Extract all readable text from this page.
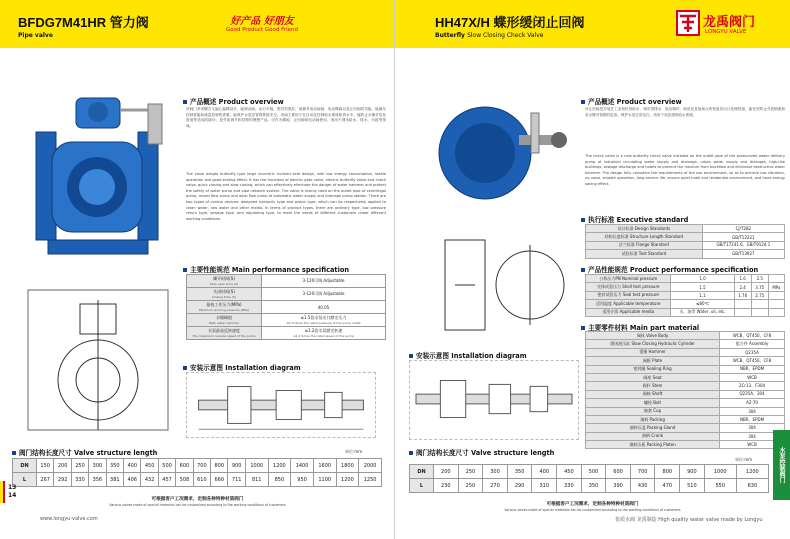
BFDG7M41HR 管力阀
Pipe valve
好产品 好朋友
Good Product Good Friend
产品概述 Product overview
该阀门采用螺式叉偏心偏蝶设计，能制动阀、运行平稳、密封效果好，他兼具电动阀阀、电动蝶阀以及止回阀的功能，能满足控制智能和流量控制的需要。能保护水泵及管网系统安全。该阀主要用于在自动化控制给水系统和供水中，能防止水锤对泵及管道等造成的破坏，是介质调节和控制的理想产品。可作为蝶阀、止回阀和电动阀使用，适用于城市给水、排水、市政等领域。
The valve adopts butterfly type large eccentric inclined seat design, with low energy consumption, stable operation and good sealing effect. It has the functions of electric gate valve, electric butterfly valve and check valve, quick closing and slow closing, which can effectively eliminate the danger of water hammer and protect the safety of water pump and pipe network system. The valve is mainly used on the outlet pipe of centrifugal pump, mixed flow pump and axial flow pump of automatic water supply and drainage pump station. There are two types of control devices: designed hydraulic type and piston type, which can be respectively applied to clean water, raw water and other media. In terms of product types, there are ordinary type, low pressure return type, sewage type, and regulating type, to meet the needs of different customers under different working conditions.
主要性能规范 Main performance specification
蝶开时间(S)
Slow open time (S)	3-120可调 Adjustable
关闭时间(S)
Closing time (S)	3-120可调 Adjustable
最低工作压力(MPa)
Minimum working pressure (MPa)	40.05
水锤峰值
Peak water hammer	≤1.5倍水泵出口额定压力
≤1.5 times the rated pressure of the pump outlet

水泵最高反转速度
The maximum reverse speed of the pump	≤1.2倍水泵额定转速
≤1.2 times the rated speed of the pump
安装示意图 Installation diagram
阀门结构长度尺寸 Valve structure length	单位:mm
DN	150	200	250	300	350	400	450	500	600	700	800	900	1000	1200	1400	1600	1800	2000
L	267	292	330	356	381	406	432	457	508	610	660	711	811	850	950	1100	1200	1250
可根据客户工况需求，定制各种特种材质阀门
Various valves made of special materials can be customized according to the working conditions of customers
13
14
www.longyu-valve.com
HH47X/H 蝶形缓闭止回阀
Butterfly Slow Closing Check Valve
龙禹阀门
LONGYU VALVE
产品概述 Product overview
该止回阀是安装在工业和民用给水、城市供排水、电站循环、船用及其他场合的管道泵出口处理管道，能有效防止介质倒流和泵水锤对管路的危害。保护水泵正常运行。适用于高层建筑给水系统。
The check valve is a new butterfly check valve installed on the outlet pipe of the pressurized water delivery pump of industrial circulating water supply and drainage, urban water supply and drainage, high-rise buildings, sewage discharge and hotels to prevent the medium from backflow and eliminate destructive water hammer. The design fully considers the requirements of the use environment, so as to achieve low vibration, no noise, smooth operation, long service life, ensure quiet hotel and residential environment, and have energy saving effect.
执行标准 Executive standard
设计标准 Design Standards	CJ/T282
结构长度标准 Structure Length Standard	GB/T12221
法兰标准 Flange Standard	GB/T17241.6、GB/T9124.1
试验标准 Test Standard	GB/T13927
产品性能规范 Product performance specification
公称压力PN Nominal pressure	1.0	1.6	2.5	
壳体试验压力 Shell test pressure	1.5	2.4	3.75	MPa
密封试验压力 Seal test pressure	1.1	1.76	2.75	
适用温度 Applicable temperature	≤80℃			
适用介质 Applicable media	水，油等 Water, oil, etc.			
主要零件材料 Main part material
阀体 Valve Body	WCB、QT450、CF8
缓闭液压缸 Slow Closing Hydraulic Cylinder	组合件 Assembly
重锤 Hammer	Q235A
阀板 Plate	WCB、QT450、CF8
密封圈 Sealing Ring	NBR、EPDM
阀座 Seat	WCB
阀杆 Stem	2Cr13、F304
阀轴 Shaft	Q235A、304
螺栓 Bolt	A2-70
轴套 Cup	304
填料 Packing	NBR、EPDM
填料压盖 Packing Gland	304
曲柄 Crank	304
填料压板 Packing Platen	WCB
安装示意图 Installation diagram
阀门结构长度尺寸 Valve structure length
单位:mm
DN	200	250	300	350	400	450	500	600	700	800	900	1000	1200
L	230	250	270	290	310	330	350	390	430	470	510	550	630
可根据客户工况需求，定制各种特种材质阀门
Various valves made of special materials can be customized according to the working conditions of customers
水泵控制阀门
优质水阀 龙禹制造 High quality water valve made by Longyu
